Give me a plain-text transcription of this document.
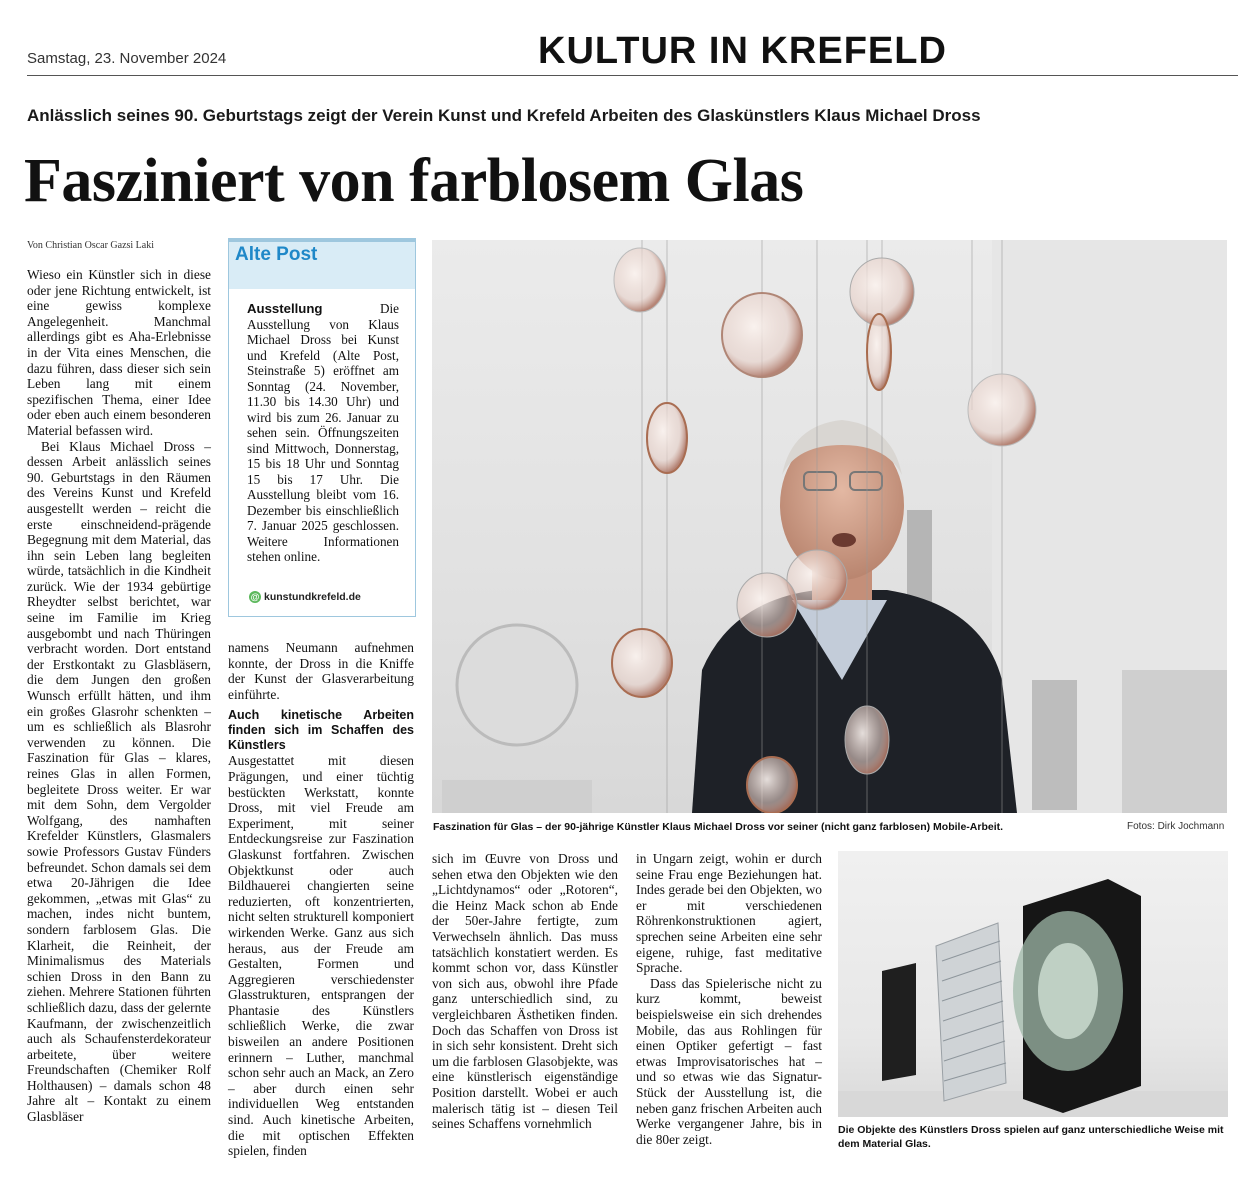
Samstag, 23. November 2024	KULTUR IN KREFELD
Anlässlich seines 90. Geburtstags zeigt der Verein Kunst und Krefeld Arbeiten des Glaskünstlers Klaus Michael Dross
Fasziniert von farblosem Glas
Von Christian Oscar Gazsi Laki

Wieso ein Künstler sich in diese oder jene Richtung entwickelt, ist eine gewiss komplexe Angelegenheit. Manchmal allerdings gibt es Aha-Erlebnisse in der Vita eines Menschen, die dazu führen, dass dieser sich sein Leben lang mit einem spezifischen Thema, einer Idee oder eben auch einem besonderen Material befassen wird.

Bei Klaus Michael Dross – dessen Arbeit anlässlich seines 90. Geburtstags in den Räumen des Vereins Kunst und Krefeld ausgestellt werden – reicht die erste einschneidend-prägende Begegnung mit dem Material, das ihn sein Leben lang begleiten würde, tatsächlich in die Kindheit zurück. Wie der 1934 gebürtige Rheydter selbst berichtet, war seine im Familie im Krieg ausgebombt und nach Thüringen verbracht worden. Dort entstand der Erstkontakt zu Glasbläsern, die dem Jungen den großen Wunsch erfüllt hätten, und ihm ein großes Glasrohr schenkten – um es schließlich als Blasrohr verwenden zu können. Die Faszination für Glas – klares, reines Glas in allen Formen, begleitete Dross weiter. Er war mit dem Sohn, dem Vergolder Wolfgang, des namhaften Krefelder Künstlers, Glasmalers sowie Professors Gustav Fünders befreundet. Schon damals sei dem etwa 20-Jährigen die Idee gekommen, „etwas mit Glas“ zu machen, indes nicht buntem, sondern farblosem Glas. Die Klarheit, die Reinheit, der Minimalismus des Materials schien Dross in den Bann zu ziehen. Mehrere Stationen führten schließlich dazu, dass der gelernte Kaufmann, der zwischenzeitlich auch als Schaufensterdekorateur arbeitete, über weitere Freundschaften (Chemiker Rolf Holthausen) – damals schon 48 Jahre alt – Kontakt zu einem Glasbläser

Alte Post
Ausstellung	Die Ausstellung von Klaus Michael Dross bei Kunst und Krefeld (Alte Post, Steinstraße 5) eröffnet am Sonntag (24. November, 11.30 bis 14.30 Uhr) und wird bis zum 26. Januar zu sehen sein. Öffnungszeiten sind Mittwoch, Donnerstag, 15 bis 18 Uhr und Sonntag 15 bis 17 Uhr. Die Ausstellung bleibt vom 16. Dezember bis einschließlich 7. Januar 2025 geschlossen. Weitere Informationen stehen online.
@ kunstundkrefeld.de

namens Neumann aufnehmen konnte, der Dross in die Kniffe der Kunst der Glasverarbeitung einführte.

Auch kinetische Arbeiten finden sich im Schaffen des Künstlers

Ausgestattet mit diesen Prägungen, und einer tüchtig bestückten Werkstatt, konnte Dross, mit viel Freude am Experiment, mit seiner Entdeckungsreise zur Faszination Glaskunst fortfahren. Zwischen Objektkunst oder auch Bildhauerei changierten seine reduzierten, oft konzentrierten, nicht selten strukturell komponiert wirkenden Werke. Ganz aus sich heraus, aus der Freude am Gestalten, Formen und Aggregieren verschiedenster Glasstrukturen, entsprangen der Phantasie des Künstlers schließlich Werke, die zwar bisweilen an andere Positionen erinnern – Luther, manchmal schon sehr auch an Mack, an Zero – aber durch einen sehr individuellen Weg entstanden sind. Auch kinetische Arbeiten, die mit optischen Effekten spielen, finden

Faszination für Glas – der 90-jährige Künstler Klaus Michael Dross vor seiner (nicht ganz farblosen) Mobile-Arbeit.	Fotos: Dirk Jochmann

sich im Œuvre von Dross und sehen etwa den Objekten wie den „Lichtdynamos“ oder „Rotoren“, die Heinz Mack schon ab Ende der 50er-Jahre fertigte, zum Verwechseln ähnlich. Das muss tatsächlich konstatiert werden. Es kommt schon vor, dass Künstler von sich aus, obwohl ihre Pfade ganz unterschiedlich sind, zu vergleichbaren Ästhetiken finden. Doch das Schaffen von Dross ist in sich sehr konsistent. Dreht sich um die farblosen Glasobjekte, was eine künstlerisch eigenständige Position darstellt. Wobei er auch malerisch tätig ist – diesen Teil seines Schaffens vornehmlich

in Ungarn zeigt, wohin er durch seine Frau enge Beziehungen hat. Indes gerade bei den Objekten, wo er mit verschiedenen Röhrenkonstruktionen agiert, sprechen seine Arbeiten eine sehr eigene, ruhige, fast meditative Sprache.

Dass das Spielerische nicht zu kurz kommt, beweist beispielsweise ein sich drehendes Mobile, das aus Rohlingen für einen Optiker gefertigt – fast etwas Improvisatorisches hat – und so etwas wie das Signatur-Stück der Ausstellung ist, die neben ganz frischen Arbeiten auch Werke vergangener Jahre, bis in die 80er zeigt.

Die Objekte des Künstlers Dross spielen auf ganz unterschiedliche Weise mit dem Material Glas.
